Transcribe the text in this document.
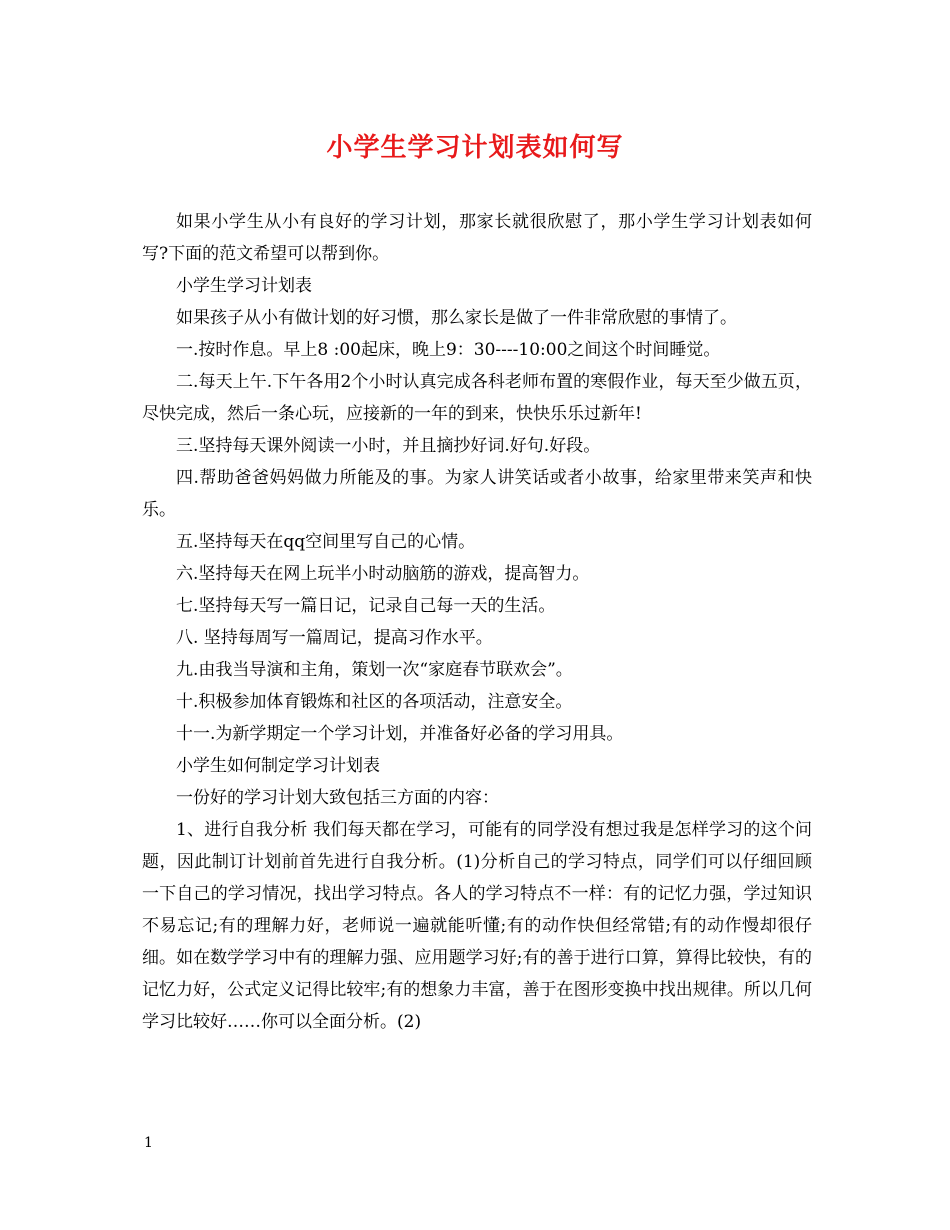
小学生学习计划表如何写

如果小学生从小有良好的学习计划，那家长就很欣慰了，那小学生学习计划表如何写?下面的范文希望可以帮到你。

小学生学习计划表

如果孩子从小有做计划的好习惯，那么家长是做了一件非常欣慰的事情了。

一.按时作息。早上8 :00起床，晚上9：30----10:00之间这个时间睡觉。

二.每天上午.下午各用2个小时认真完成各科老师布置的寒假作业，每天至少做五页，尽快完成，然后一条心玩，应接新的一年的到来，快快乐乐过新年!

三.坚持每天课外阅读一小时，并且摘抄好词.好句.好段。

四.帮助爸爸妈妈做力所能及的事。为家人讲笑话或者小故事，给家里带来笑声和快乐。

五.坚持每天在qq空间里写自己的心情。

六.坚持每天在网上玩半小时动脑筋的游戏，提高智力。

七.坚持每天写一篇日记，记录自己每一天的生活。

八. 坚持每周写一篇周记，提高习作水平。

九.由我当导演和主角，策划一次“家庭春节联欢会”。

十.积极参加体育锻炼和社区的各项活动，注意安全。

十一.为新学期定一个学习计划，并准备好必备的学习用具。

小学生如何制定学习计划表

一份好的学习计划大致包括三方面的内容：

1、进行自我分析 我们每天都在学习，可能有的同学没有想过我是怎样学习的这个问题，因此制订计划前首先进行自我分析。(1)分析自己的学习特点，同学们可以仔细回顾一下自己的学习情况，找出学习特点。各人的学习特点不一样：有的记忆力强，学过知识不易忘记;有的理解力好，老师说一遍就能听懂;有的动作快但经常错;有的动作慢却很仔细。如在数学学习中有的理解力强、应用题学习好;有的善于进行口算，算得比较快，有的记忆力好，公式定义记得比较牢;有的想象力丰富，善于在图形变换中找出规律。所以几何学习比较好……你可以全面分析。(2)

1
